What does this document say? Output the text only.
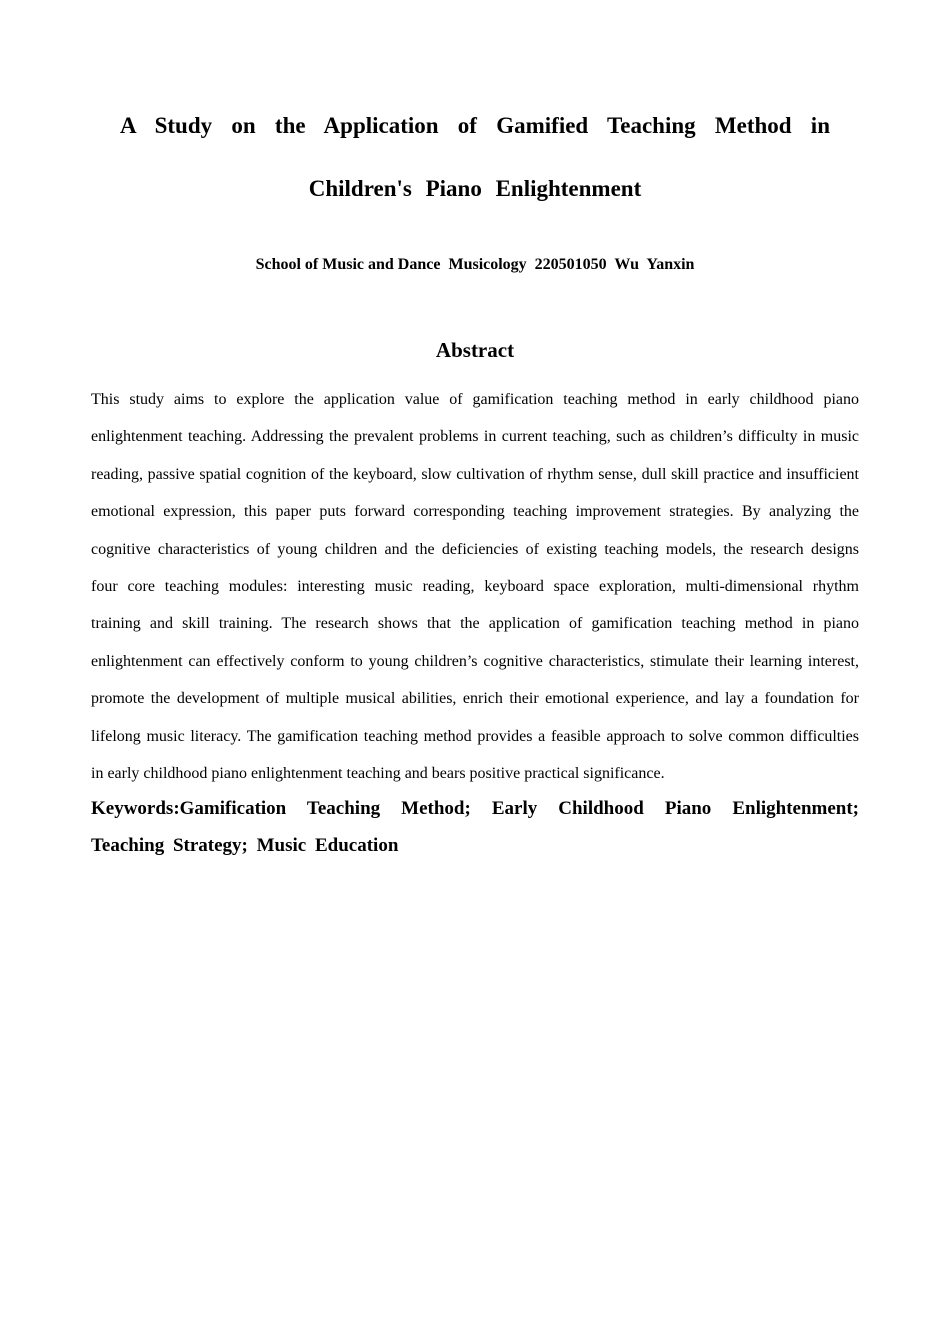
A Study on the Application of Gamified Teaching Method in
Children's Piano Enlightenment
School of Music and Dance  Musicology  220501050  Wu  Yanxin
Abstract
This study aims to explore the application value of gamification teaching method in early childhood piano
enlightenment teaching. Addressing the prevalent problems in current teaching, such as children’s difficulty in music
reading, passive spatial cognition of the keyboard, slow cultivation of rhythm sense, dull skill practice and insufficient
emotional expression, this paper puts forward corresponding teaching improvement strategies. By analyzing the
cognitive characteristics of young children and the deficiencies of existing teaching models, the research designs
four core teaching modules: interesting music reading, keyboard space exploration, multi-dimensional rhythm
training and skill training. The research shows that the application of gamification teaching method in piano
enlightenment can effectively conform to young children’s cognitive characteristics, stimulate their learning interest,
promote the development of multiple musical abilities, enrich their emotional experience, and lay a foundation for
lifelong music literacy. The gamification teaching method provides a feasible approach to solve common difficulties
in early childhood piano enlightenment teaching and bears positive practical significance.
Keywords:Gamification Teaching Method; Early Childhood Piano Enlightenment;
Teaching Strategy; Music Education
